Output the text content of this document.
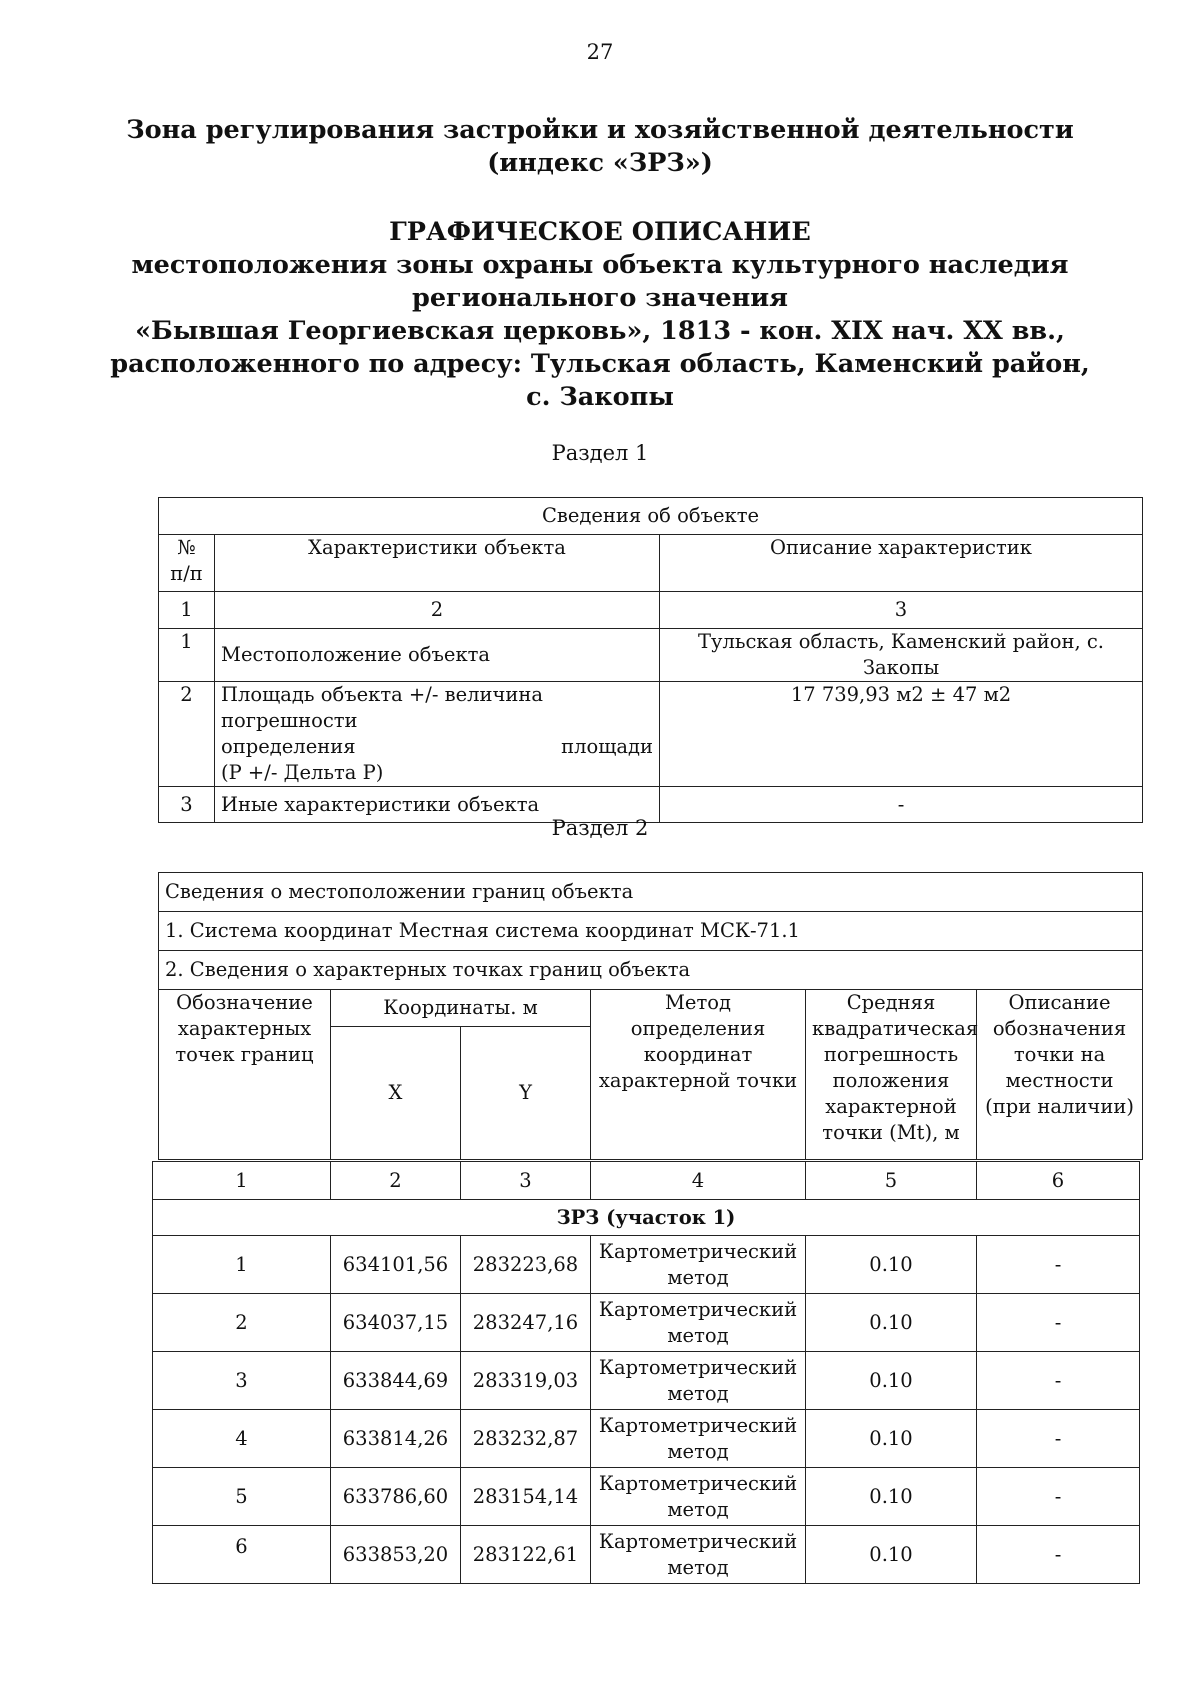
27
Зона регулирования застройки и хозяйственной деятельности
(индекс «ЗРЗ»)
ГРАФИЧЕСКОЕ ОПИСАНИЕ
местоположения зоны охраны объекта культурного наследия
регионального значения
«Бывшая Георгиевская церковь», 1813 - кон. XIX нач. XX вв.,
расположенного по адресу: Тульская область, Каменский район,
с. Закопы
Раздел 1
Сведения об объекте		
№ п/п	Характеристики объекта	Описание характеристик
1	2	3
1	Местоположение объекта	Тульская область, Каменский район, с. Закопы
2	Площадь объекта +/- величина погрешности
определения площади
(Р +/- Дельта Р)	17 739,93 м2 ± 47 м2
3	Иные характеристики объекта	-
Раздел 2
Сведения о местоположении границ объекта					
1. Система координат Местная система координат МСК-71.1					
2. Сведения о характерных точках границ объекта					
Обозначение характерных точек границ	Координаты. м		Метод определения координат характерной точки	Средняя квадратическая погрешность положения характерной точки (Mt), м	Описание обозначения точки на местности (при наличии)
	X	Y			
1	2	3	4	5	6
ЗРЗ (участок 1)					
1	634101,56	283223,68	Картометрический метод	0.10	-
2	634037,15	283247,16	Картометрический метод	0.10	-
3	633844,69	283319,03	Картометрический метод	0.10	-
4	633814,26	283232,87	Картометрический метод	0.10	-
5	633786,60	283154,14	Картометрический метод	0.10	-
6	633853,20	283122,61	Картометрический метод	0.10	-
